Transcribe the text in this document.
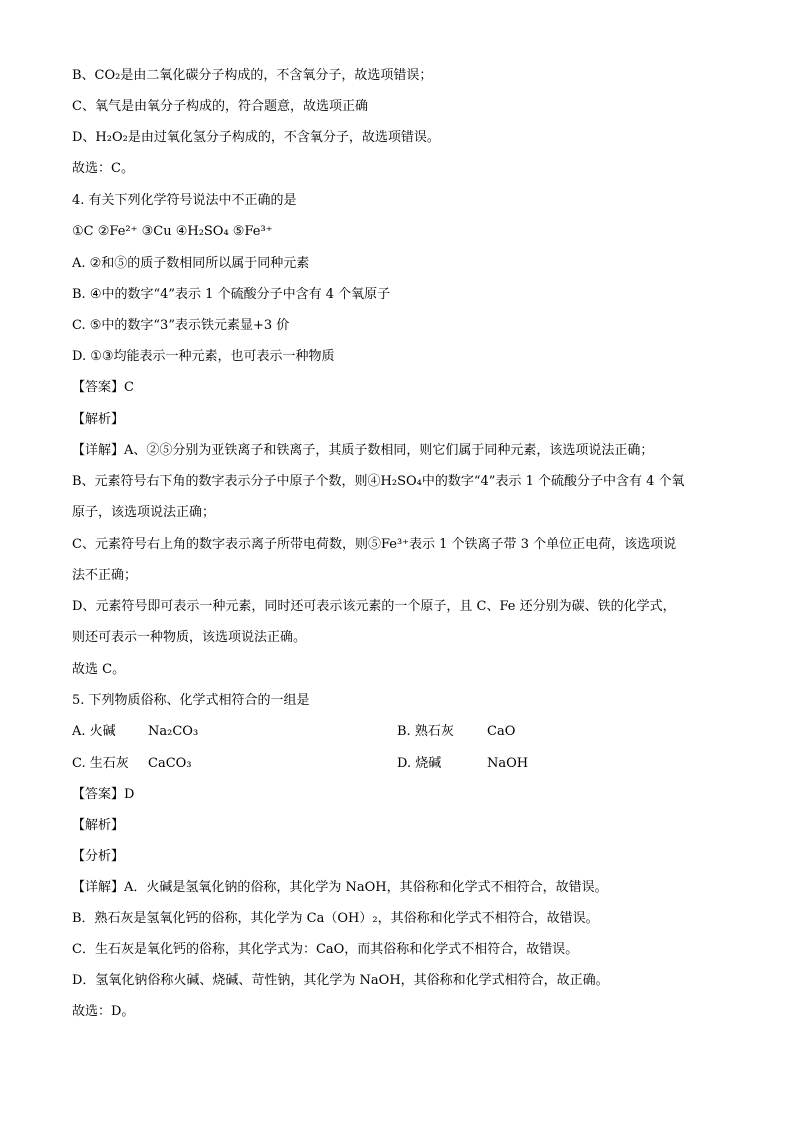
B、CO₂是由二氧化碳分子构成的，不含氧分子，故选项错误；
C、氧气是由氧分子构成的，符合题意，故选项正确
D、H₂O₂是由过氧化氢分子构成的，不含氧分子，故选项错误。
故选：C。
4. 有关下列化学符号说法中不正确的是
①C ②Fe²⁺ ③Cu ④H₂SO₄ ⑤Fe³⁺
A. ②和⑤的质子数相同所以属于同种元素
B. ④中的数字“4”表示 1 个硫酸分子中含有 4 个氧原子
C. ⑤中的数字“3”表示铁元素显+3 价
D. ①③均能表示一种元素，也可表示一种物质
【答案】C
【解析】
【详解】A、②⑤分别为亚铁离子和铁离子，其质子数相同，则它们属于同种元素，该选项说法正确；
B、元素符号右下角的数字表示分子中原子个数，则④H₂SO₄中的数字“4”表示 1 个硫酸分子中含有 4 个氧
原子，该选项说法正确；
C、元素符号右上角的数字表示离子所带电荷数，则⑤Fe³⁺表示 1 个铁离子带 3 个单位正电荷，该选项说
法不正确；
D、元素符号即可表示一种元素，同时还可表示该元素的一个原子，且 C、Fe 还分别为碳、铁的化学式，
则还可表示一种物质，该选项说法正确。
故选 C。
5. 下列物质俗称、化学式相符合的一组是
A. 火碱 Na₂CO₃	B. 熟石灰	CaO
C. 生石灰 CaCO₃	D. 烧碱	NaOH
【答案】D
【解析】
【分析】
【详解】A．火碱是氢氧化钠的俗称，其化学为 NaOH，其俗称和化学式不相符合，故错误。
B．熟石灰是氢氧化钙的俗称，其化学为 Ca（OH）₂，其俗称和化学式不相符合，故错误。
C．生石灰是氧化钙的俗称，其化学式为：CaO，而其俗称和化学式不相符合，故错误。
D．氢氧化钠俗称火碱、烧碱、苛性钠，其化学为 NaOH，其俗称和化学式相符合，故正确。
故选：D。
